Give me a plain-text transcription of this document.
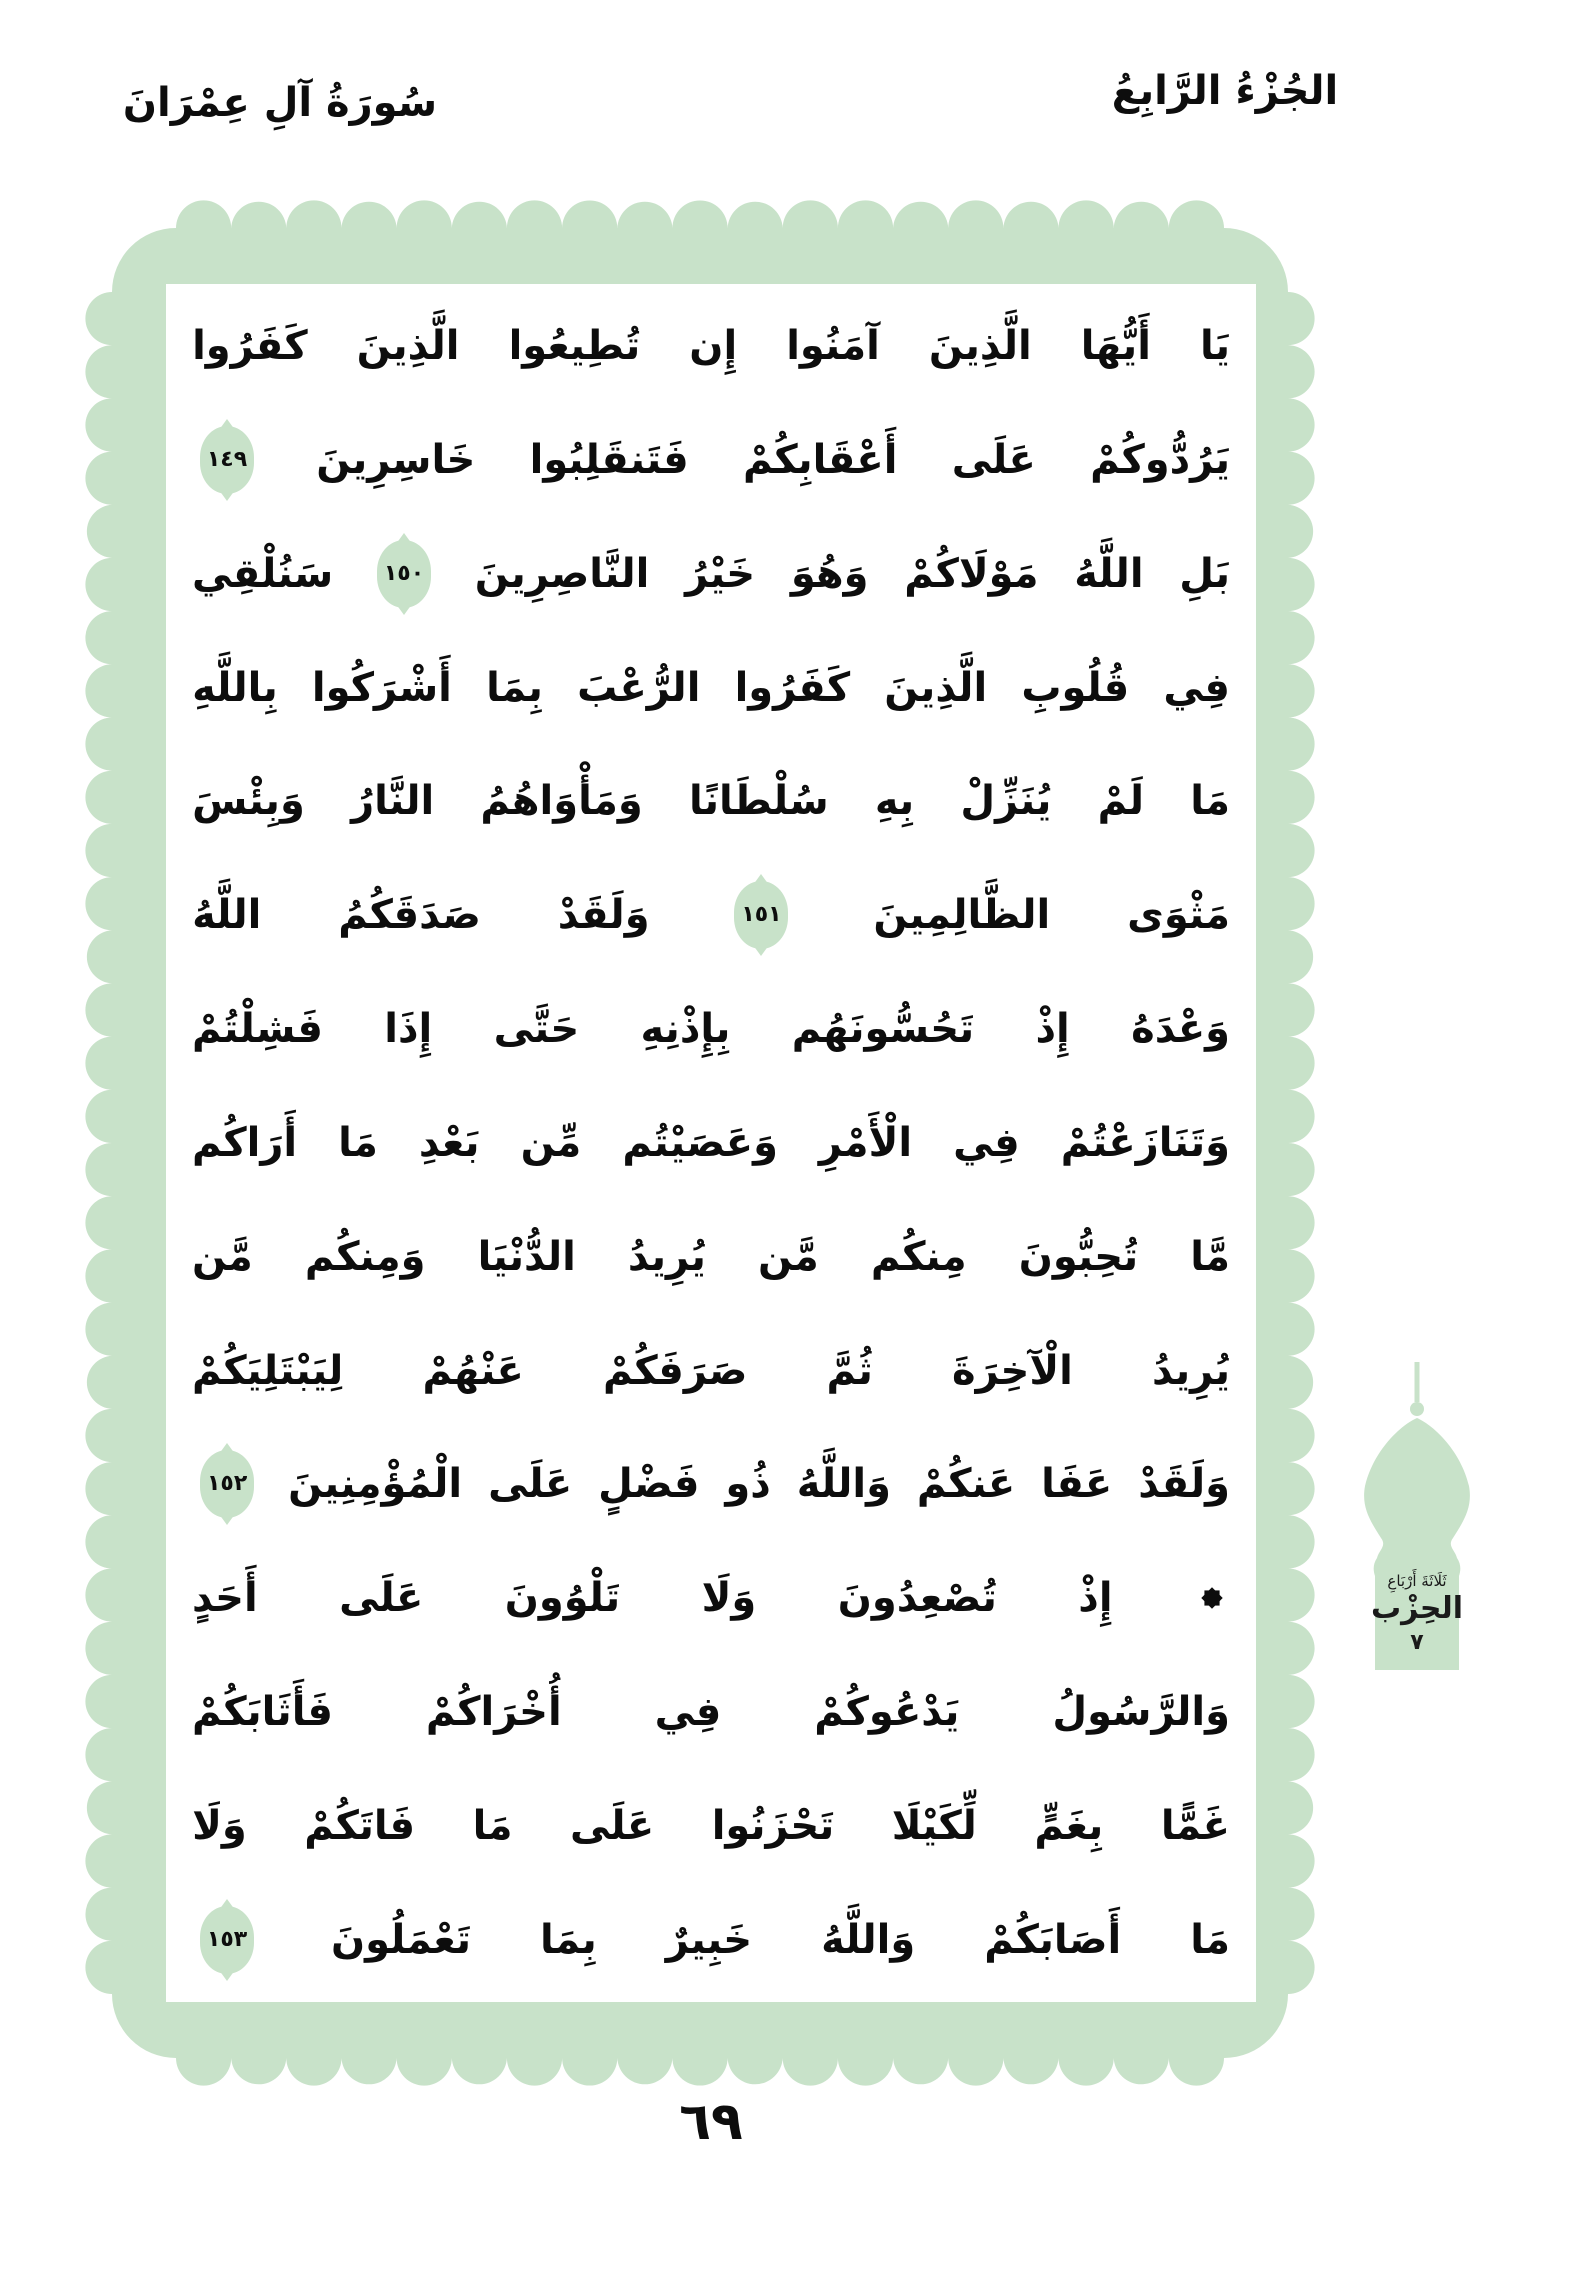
سُورَةُ آلِ عِمْرَانَ	الجُزْءُ الرَّابِعُ
يَا
أَيُّهَا
الَّذِينَ
آمَنُوا
إِن
تُطِيعُوا
الَّذِينَ
كَفَرُوا
يَرُدُّوكُمْ
عَلَى
أَعْقَابِكُمْ
فَتَنقَلِبُوا
خَاسِرِينَ
١٤٩
بَلِ
اللَّهُ
مَوْلَاكُمْ
وَهُوَ
خَيْرُ
النَّاصِرِينَ
١٥٠
سَنُلْقِي
فِي
قُلُوبِ
الَّذِينَ
كَفَرُوا
الرُّعْبَ
بِمَا
أَشْرَكُوا
بِاللَّهِ
مَا
لَمْ
يُنَزِّلْ
بِهِ
سُلْطَانًا
وَمَأْوَاهُمُ
النَّارُ
وَبِئْسَ
مَثْوَى
الظَّالِمِينَ
١٥١
وَلَقَدْ
صَدَقَكُمُ
اللَّهُ
وَعْدَهُ
إِذْ
تَحُسُّونَهُم
بِإِذْنِهِ
حَتَّى
إِذَا
فَشِلْتُمْ
وَتَنَازَعْتُمْ
فِي
الْأَمْرِ
وَعَصَيْتُم
مِّن
بَعْدِ
مَا
أَرَاكُم
مَّا
تُحِبُّونَ
مِنكُم
مَّن
يُرِيدُ
الدُّنْيَا
وَمِنكُم
مَّن
يُرِيدُ
الْآخِرَةَ
ثُمَّ
صَرَفَكُمْ
عَنْهُمْ
لِيَبْتَلِيَكُمْ
وَلَقَدْ
عَفَا
عَنكُمْ
وَاللَّهُ
ذُو
فَضْلٍ
عَلَى
الْمُؤْمِنِينَ
١٥٢
إِذْ
تُصْعِدُونَ
وَلَا
تَلْوُونَ
عَلَى
أَحَدٍ
وَالرَّسُولُ
يَدْعُوكُمْ
فِي
أُخْرَاكُمْ
فَأَثَابَكُمْ
غَمًّا
بِغَمٍّ
لِّكَيْلَا
تَحْزَنُوا
عَلَى
مَا
فَاتَكُمْ
وَلَا
مَا
أَصَابَكُمْ
وَاللَّهُ
خَبِيرٌ
بِمَا
تَعْمَلُونَ
١٥٣
ثَلَاثَةَ أَرْبَاعِ
الحِزْب
٧
٦٩
